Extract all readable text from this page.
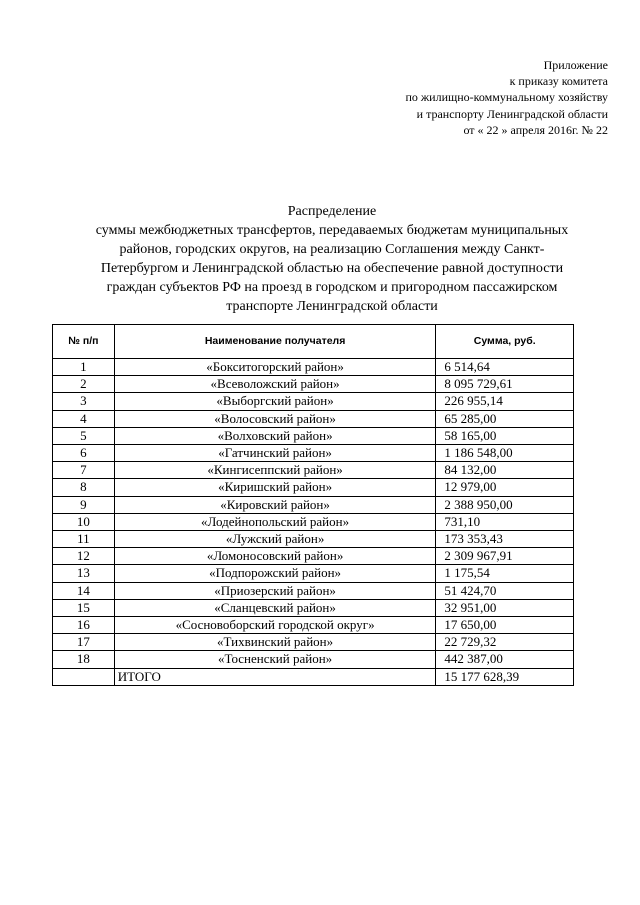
Приложение
к приказу комитета
по жилищно-коммунальному хозяйству
и транспорту Ленинградской области
от « 22 » апреля 2016г. № 22
Распределение
суммы межбюджетных трансфертов, передаваемых бюджетам муниципальных
районов, городских округов, на реализацию Соглашения между Санкт-
Петербургом и Ленинградской областью на обеспечение равной доступности
граждан субъектов РФ на проезд в городском и пригородном пассажирском
транспорте Ленинградской области
№ п/п	Наименование получателя	Сумма, руб.
1	«Бокситогорский район»	6 514,64
2	«Всеволожский район»	8 095 729,61
3	«Выборгский район»	226 955,14
4	«Волосовский район»	65 285,00
5	«Волховский район»	58 165,00
6	«Гатчинский район»	1 186 548,00
7	«Кингисеппский район»	84 132,00
8	«Киришский район»	12 979,00
9	«Кировский район»	2 388 950,00
10	«Лодейнопольский район»	731,10
11	«Лужский район»	173 353,43
12	«Ломоносовский район»	2 309 967,91
13	«Подпорожский район»	1 175,54
14	«Приозерский район»	51 424,70
15	«Сланцевский район»	32 951,00
16	«Сосновоборский городской округ»	17 650,00
17	«Тихвинский район»	22 729,32
18	«Тосненский район»	442 387,00
	ИТОГО	15 177 628,39
